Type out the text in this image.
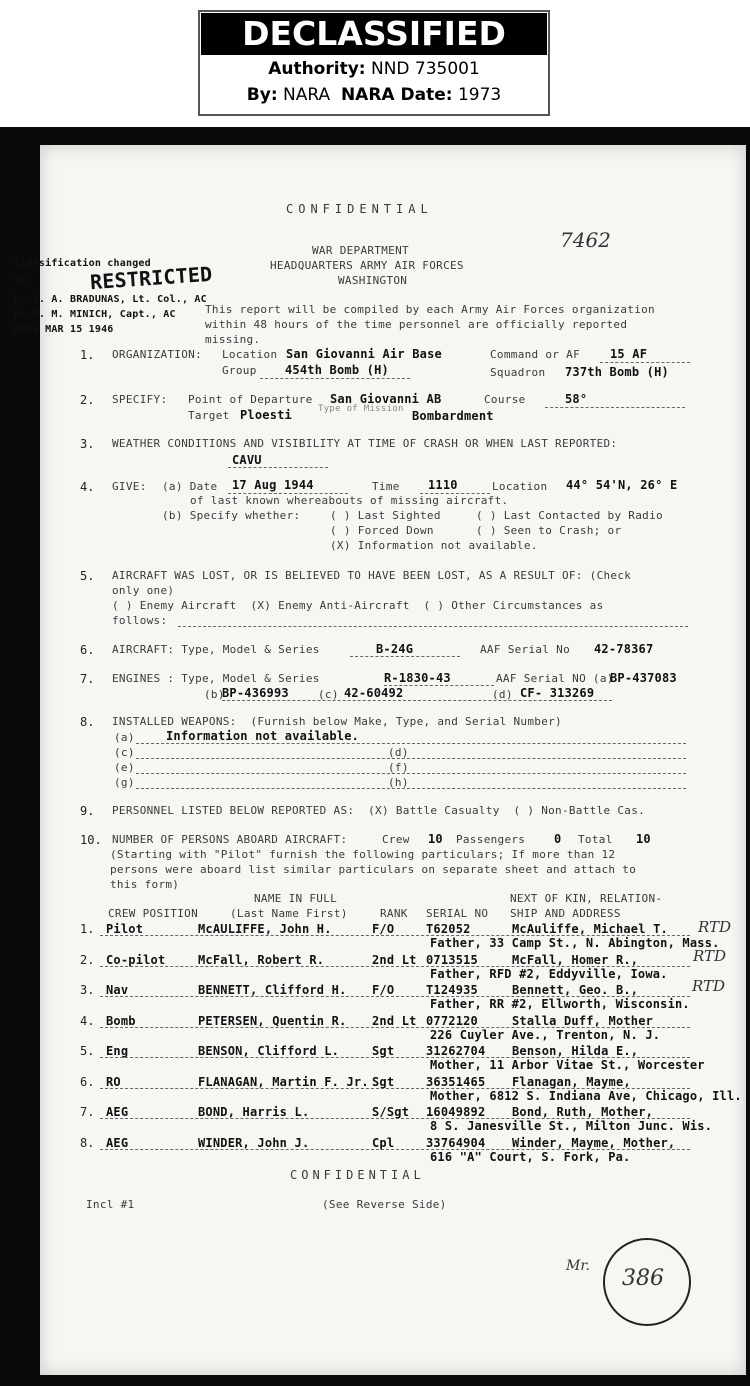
DECLASSIFIED
Authority: NND 735001
By: NARA NARA Date: 1973
CONFIDENTIAL
WAR DEPARTMENT
HEADQUARTERS ARMY AIR FORCES
WASHINGTON
7462
Classification changed
to	RESTRICTED
by E. A. BRADUNAS, Lt. Col., AC
by F. M. MINICH, Capt., AC
Date MAR 15 1946
This report will be compiled by each Army Air Forces organization
within 48 hours of the time personnel are officially reported
missing.
1. ORGANIZATION: Location San Giovanni Air Base	Command or AF	15 AF
Group 454th Bomb (H)	Squadron 737th Bomb (H)
2. SPECIFY: Point of Departure San Giovanni AB	Course	58°
Target Ploesti	Type of Mission Bombardment
3. WEATHER CONDITIONS AND VISIBILITY AT TIME OF CRASH OR WHEN LAST REPORTED:
CAVU
4. GIVE: (a) Date 17 Aug 1944	Time 1110	Location 44° 54'N, 26° E
of last known whereabouts of missing aircraft.
(b) Specify whether:	( ) Last Sighted	( ) Last Contacted by Radio
( ) Forced Down	( ) Seen to Crash; or
(X) Information not available.
5. AIRCRAFT WAS LOST, OR IS BELIEVED TO HAVE BEEN LOST, AS A RESULT OF: (Check
only one)
( ) Enemy Aircraft  (X) Enemy Anti-Aircraft  ( ) Other Circumstances as
follows:
6. AIRCRAFT: Type, Model & Series	B-24G	AAF Serial No 42-78367
7. ENGINES : Type, Model & Series	R-1830-43	AAF Serial NO (a)
BP-437083
(b)
BP-436993	(c) 42-60492	(d) CF- 313269
8. INSTALLED WEAPONS:  (Furnish below Make, Type, and Serial Number)
(a)	Information not available.
(c)	(d)
(e)	(f)
(g)	(h)
9. PERSONNEL LISTED BELOW REPORTED AS:  (X) Battle Casualty  ( ) Non-Battle Cas.
10. NUMBER OF PERSONS ABOARD AIRCRAFT:	Crew 10 Passengers 0 Total 10
(Starting with "Pilot" furnish the following particulars; If more than 12
persons were aboard list similar particulars on separate sheet and attach to
this form)
NAME IN FULL	NEXT OF KIN, RELATION-
CREW POSITION	(Last Name First)	RANK SERIAL NO SHIP AND ADDRESS
1. Pilot	McAULIFFE, John H.	F/O	T62052	McAuliffe, Michael T.
Father, 33 Camp St., N. Abington, Mass.
2. Co-pilot	McFall, Robert R.	2nd Lt 0713515	McFall, Homer R.,
Father, RFD #2, Eddyville, Iowa.
3. Nav	BENNETT, Clifford H. F/O	T124935	Bennett, Geo. B.,
Father, RR #2, Ellworth, Wisconsin.
4. Bomb	PETERSEN, Quentin R. 2nd Lt 0772120	Stalla Duff, Mother
226 Cuyler Ave., Trenton, N. J.
5. Eng	BENSON, Clifford L.	Sgt	31262704 Benson, Hilda E.,
Mother, 11 Arbor Vitae St., Worcester
6. RO	FLANAGAN, Martin F. Jr. Sgt	36351465 Flanagan, Mayme,
Mother, 6812 S. Indiana Ave, Chicago, Ill.
7. AEG	BOND, Harris L.	S/Sgt 16049892 Bond, Ruth, Mother,
8 S. Janesville St., Milton Junc. Wis.
8. AEG	WINDER, John J.	Cpl	33764904 Winder, Mayme, Mother,
616 "A" Court, S. Fork, Pa.
RTD
RTD
RTD
CONFIDENTIAL
Incl #1	(See Reverse Side)
Mr. 386
